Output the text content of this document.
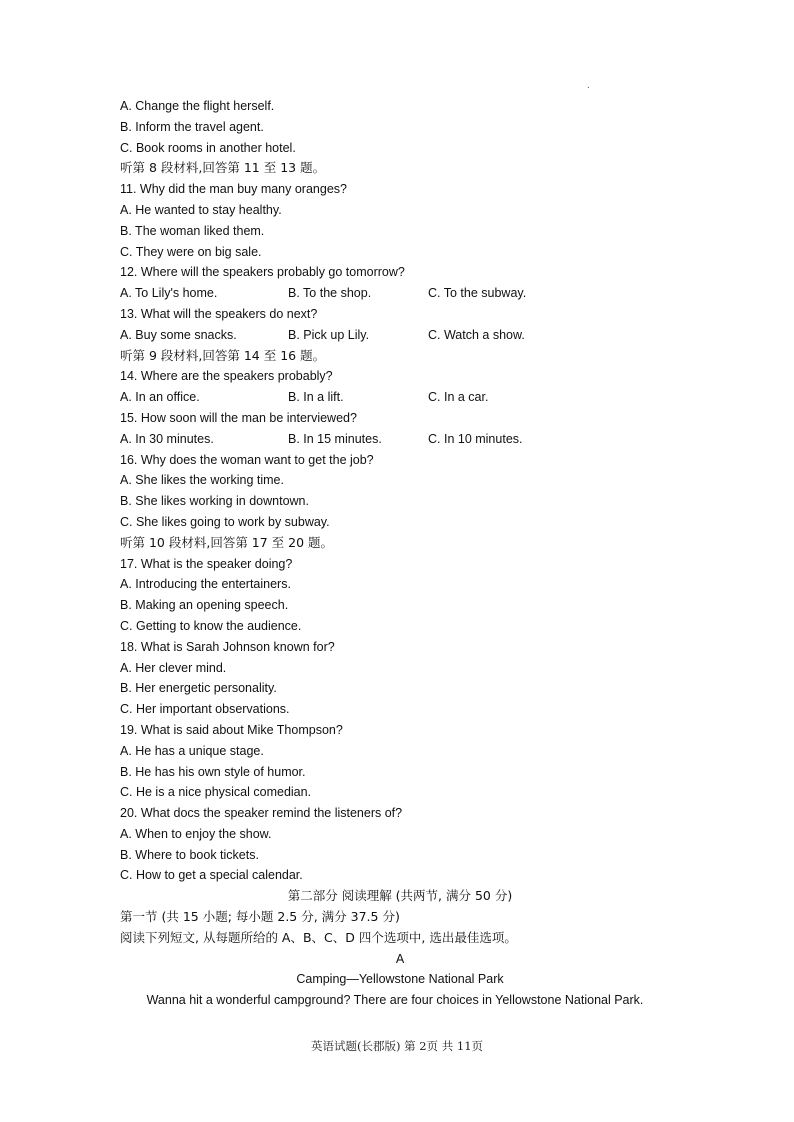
.
A. Change the flight herself.
B. Inform the travel agent.
C. Book rooms in another hotel.
听第 8 段材料,回答第 11 至 13 题。
11. Why did the man buy many oranges?
A. He wanted to stay healthy.
B. The woman liked them.
C. They were on big sale.
12. Where will the speakers probably go tomorrow?
A. To Lily's home.	B. To the shop.	C. To the subway.
13. What will the speakers do next?
A. Buy some snacks.	B. Pick up Lily.	C. Watch a show.
听第 9 段材料,回答第 14 至 16 题。
14. Where are the speakers probably?
A. In an office.	B. In a lift.	C. In a car.
15. How soon will the man be interviewed?
A. In 30 minutes.	B. In 15 minutes.	C. In 10 minutes.
16. Why does the woman want to get the job?
A. She likes the working time.
B. She likes working in downtown.
C. She likes going to work by subway.
听第 10 段材料,回答第 17 至 20 题。
17. What is the speaker doing?
A. Introducing the entertainers.
B. Making an opening speech.
C. Getting to know the audience.
18. What is Sarah Johnson known for?
A. Her clever mind.
B. Her energetic personality.
C. Her important observations.
19. What is said about Mike Thompson?
A. He has a unique stage.
B. He has his own style of humor.
C. He is a nice physical comedian.
20. What docs the speaker remind the listeners of?
A. When to enjoy the show.
B. Where to book tickets.
C. How to get a special calendar.
第二部分 阅读理解 (共两节, 满分 50 分)
第一节 (共 15 小题; 每小题 2.5 分, 满分 37.5 分)
阅读下列短文, 从每题所给的 A、B、C、D 四个选项中, 选出最佳选项。
A
Camping—Yellowstone National Park
Wanna hit a wonderful campground? There are four choices in Yellowstone National Park.
英语试题(长郡版) 第 2页 共 11页
